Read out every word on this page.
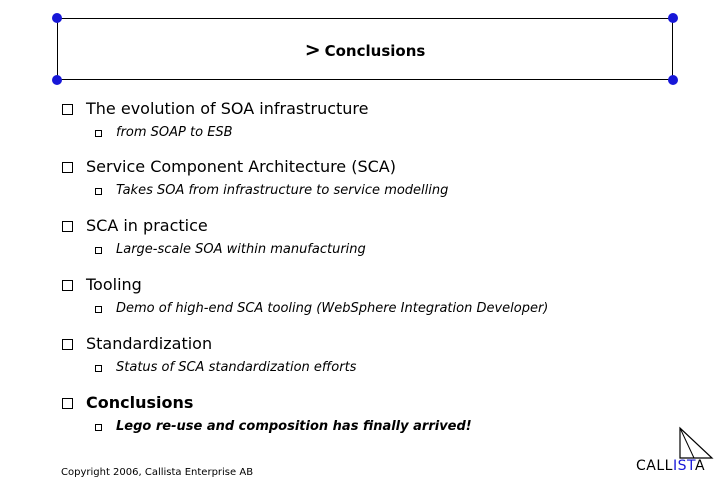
> Conclusions
The evolution of SOA infrastructure
from SOAP to ESB
Service Component Architecture (SCA)
Takes SOA from infrastructure to service modelling
SCA in practice
Large-scale SOA within manufacturing
Tooling
Demo of high-end SCA tooling (WebSphere Integration Developer)
Standardization
Status of SCA standardization efforts
Conclusions
Lego re-use and composition has finally arrived!
Copyright 2006, Callista Enterprise AB	CALLISTA
